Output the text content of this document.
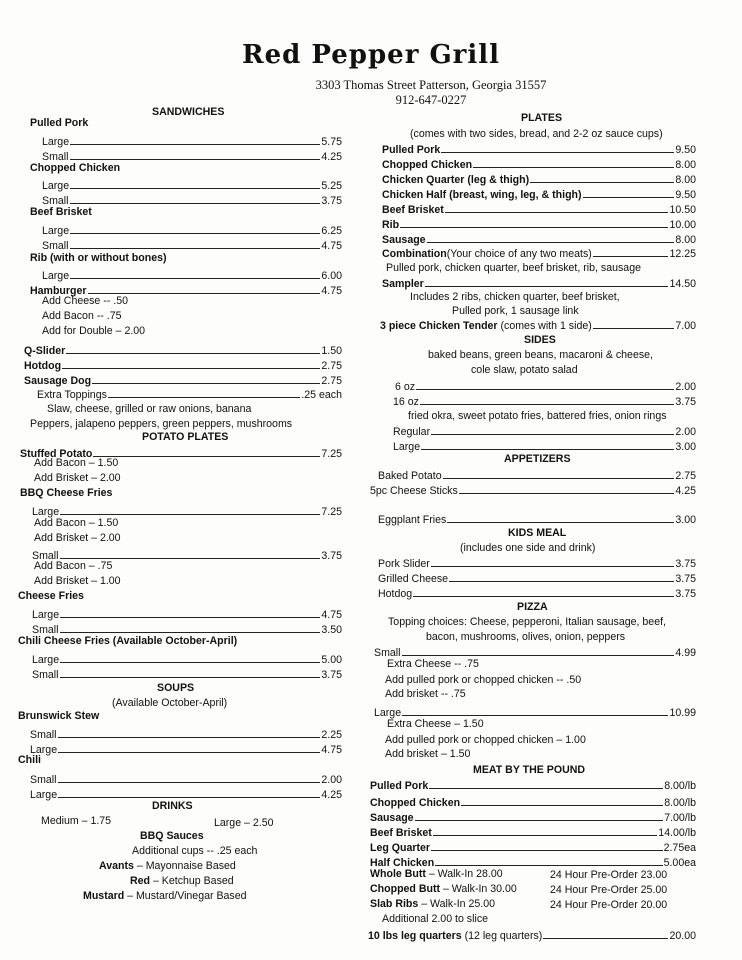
Red Pepper Grill
3303 Thomas Street Patterson, Georgia 31557
912-647-0227
SANDWICHES
Pulled Pork
Large	5.75
Small	4.25
Chopped Chicken
Large	5.25
Small	3.75
Beef Brisket
Large	6.25
Small	4.75
Rib (with or without bones)
Large	6.00
Hamburger	4.75
Add Cheese -- .50
Add Bacon -- .75
Add for Double – 2.00
Q-Slider	1.50
Hotdog	2.75
Sausage Dog	2.75
Extra Toppings	.25 each
Slaw, cheese, grilled or raw onions, banana
Peppers, jalapeno peppers, green peppers, mushrooms
POTATO PLATES
Stuffed Potato	7.25
Add Bacon – 1.50
Add Brisket – 2.00
BBQ Cheese Fries
Large	7.25
Add Bacon – 1.50
Add Brisket – 2.00
Small	3.75
Add Bacon – .75
Add Brisket – 1.00
Cheese Fries
Large	4.75
Small	3.50
Chili Cheese Fries (Available October-April)
Large	5.00
Small	3.75
SOUPS
(Available October-April)
Brunswick Stew
Small	2.25
Large	4.75
Chili
Small	2.00
Large	4.25
DRINKS
Medium – 1.75	Large – 2.50
BBQ Sauces
Additional cups -- .25 each
Avants – Mayonnaise Based
Red – Ketchup Based
Mustard – Mustard/Vinegar Based
PLATES
(comes with two sides, bread, and 2-2 oz sauce cups)
Pulled Pork	9.50
Chopped Chicken	8.00
Chicken Quarter (leg & thigh)	8.00
Chicken Half (breast, wing, leg, & thigh)	9.50
Beef Brisket	10.50
Rib	10.00
Sausage	8.00
Combination(Your choice of any two meats)	12.25
Pulled pork, chicken quarter, beef brisket, rib, sausage
Sampler	14.50
Includes 2 ribs, chicken quarter, beef brisket,
Pulled pork, 1 sausage link
3 piece Chicken Tender (comes with 1 side)	7.00
SIDES
baked beans, green beans, macaroni & cheese,
cole slaw, potato salad
6 oz	2.00
16 oz	3.75
fried okra, sweet potato fries, battered fries, onion rings
Regular	2.00
Large	3.00
APPETIZERS
Baked Potato	2.75
5pc Cheese Sticks	4.25
Eggplant Fries	3.00
KIDS MEAL
(includes one side and drink)
Pork Slider	3.75
Grilled Cheese	3.75
Hotdog	3.75
PIZZA
Topping choices: Cheese, pepperoni, Italian sausage, beef,
bacon, mushrooms, olives, onion, peppers
Small	4.99
Extra Cheese -- .75
Add pulled pork or chopped chicken -- .50
Add brisket -- .75
Large	10.99
Extra Cheese – 1.50
Add pulled pork or chopped chicken – 1.00
Add brisket – 1.50
MEAT BY THE POUND
Pulled Pork	8.00/lb
Chopped Chicken	8.00/lb
Sausage	7.00/lb
Beef Brisket	14.00/lb
Leg Quarter	2.75ea
Half Chicken	5.00ea
Whole Butt – Walk-In 28.00	24 Hour Pre-Order 23.00
Chopped Butt – Walk-In 30.00	24 Hour Pre-Order 25.00
Slab Ribs – Walk-In 25.00	24 Hour Pre-Order 20.00
Additional 2.00 to slice
10 lbs leg quarters (12 leg quarters)	20.00
